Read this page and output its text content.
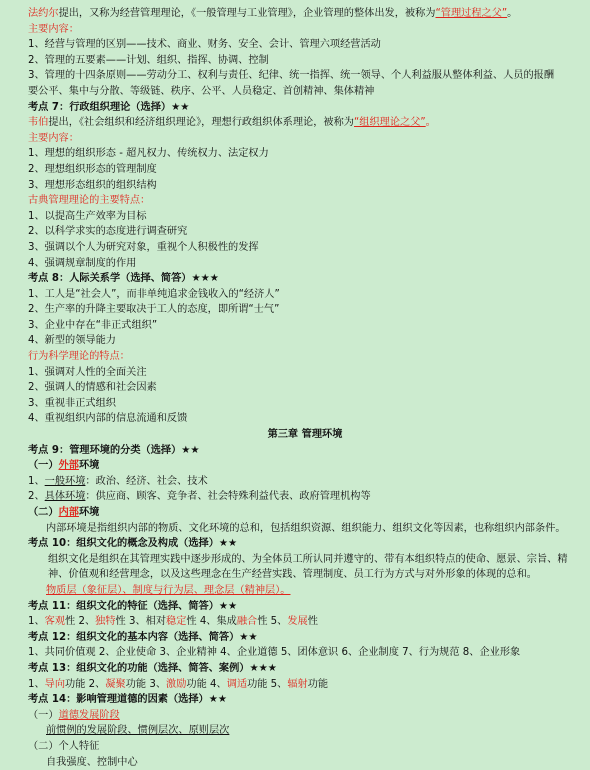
法约尔提出，又称为经营管理理论，《一般管理与工业管理》，企业管理的整体出发，被称为“管理过程之父”。
主要内容：
1、经营与管理的区别——技术、商业、财务、安全、会计、管理六项经营活动
2、管理的五要素——计划、组织、指挥、协调、控制
3、管理的十四条原则——劳动分工、权利与责任、纪律、统一指挥、统一领导、个人利益服从整体利益、人员的报酬
要公平、集中与分散、等级链、秩序、公平、人员稳定、首创精神、集体精神
考点 7：行政组织理论（选择）★★
韦伯提出，《社会组织和经济组织理论》，理想行政组织体系理论，被称为“组织理论之父”。
主要内容：
1、理想的组织形态 - 超凡权力、传统权力、法定权力
2、理想组织形态的管理制度
3、理想形态组织的组织结构
古典管理理论的主要特点：
1、以提高生产效率为目标
2、以科学求实的态度进行调查研究
3、强调以个人为研究对象，重视个人积极性的发挥
4、强调规章制度的作用
考点 8：人际关系学（选择、简答）★★★
1、工人是“社会人”，而非单纯追求金钱收入的“经济人”
2、生产率的升降主要取决于工人的态度，即所谓“士气”
3、企业中存在“非正式组织”
4、新型的领导能力
行为科学理论的特点：
1、强调对人性的全面关注
2、强调人的情感和社会因素
3、重视非正式组织
4、重视组织内部的信息流通和反馈
第三章 管理环境
考点 9：管理环境的分类（选择）★★
（一）外部环境
1、一般环境：政治、经济、社会、技术
2、具体环境：供应商、顾客、竞争者、社会特殊利益代表、政府管理机构等
（二）内部环境
内部环境是指组织内部的物质、文化环境的总和，包括组织资源、组织能力、组织文化等因素，也称组织内部条件。
考点 10：组织文化的概念及构成（选择）★★
组织文化是组织在其管理实践中逐步形成的、为全体员工所认同并遵守的、带有本组织特点的使命、愿景、宗旨、精神、价值观和经营理念，以及这些理念在生产经营实践、管理制度、员工行为方式与对外形象的体现的总和。
物质层（象征层）、制度与行为层、理念层（精神层）。
考点 11：组织文化的特征（选择、简答）★★
1、客观性 2、独特性 3、相对稳定性 4、集成融合性 5、发展性
考点 12：组织文化的基本内容（选择、简答）★★
1、共同价值观 2、企业使命 3、企业精神 4、企业道德 5、团体意识 6、企业制度 7、行为规范 8、企业形象
考点 13：组织文化的功能（选择、简答、案例）★★★
1、导向功能 2、凝聚功能 3、激励功能 4、调适功能 5、辐射功能
考点 14：影响管理道德的因素（选择）★★
（一）道德发展阶段
前惯例的发展阶段、惯例层次、原则层次
（二）个人特征
自我强度、控制中心
